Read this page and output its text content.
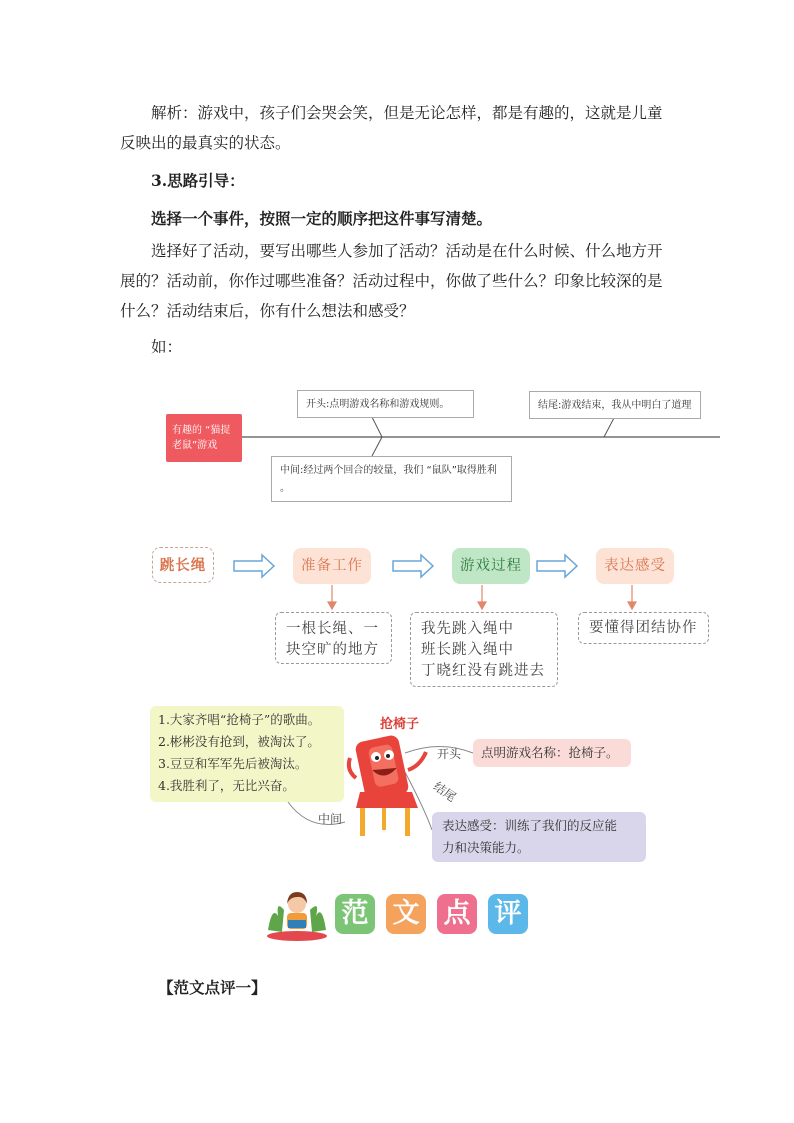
解析：游戏中，孩子们会哭会笑，但是无论怎样，都是有趣的，这就是儿童
反映出的最真实的状态。
3.思路引导：
选择一个事件，按照一定的顺序把这件事写清楚。
选择好了活动，要写出哪些人参加了活动？活动是在什么时候、什么地方开
展的？活动前，你作过哪些准备？活动过程中，你做了些什么？印象比较深的是
什么？活动结束后，你有什么想法和感受？
如：
有趣的 “猫捉
老鼠”游戏
开头:点明游戏名称和游戏规则。	结尾:游戏结束，我从中明白了道理
中间:经过两个回合的较量，我们 “鼠队”取得胜利
。
跳长绳	准备工作	游戏过程	表达感受
一根长绳、一
块空旷的地方
我先跳入绳中
班长跳入绳中
丁晓红没有跳进去
要懂得团结协作
1.大家齐唱“抢椅子”的歌曲。
2.彬彬没有抢到，被淘汰了。
3.豆豆和军军先后被淘汰。
4.我胜利了，无比兴奋。
抢椅子
开头	点明游戏名称：抢椅子。
结尾
表达感受：训练了我们的反应能
力和决策能力。
中间
范 文 点 评
【范文点评一】
